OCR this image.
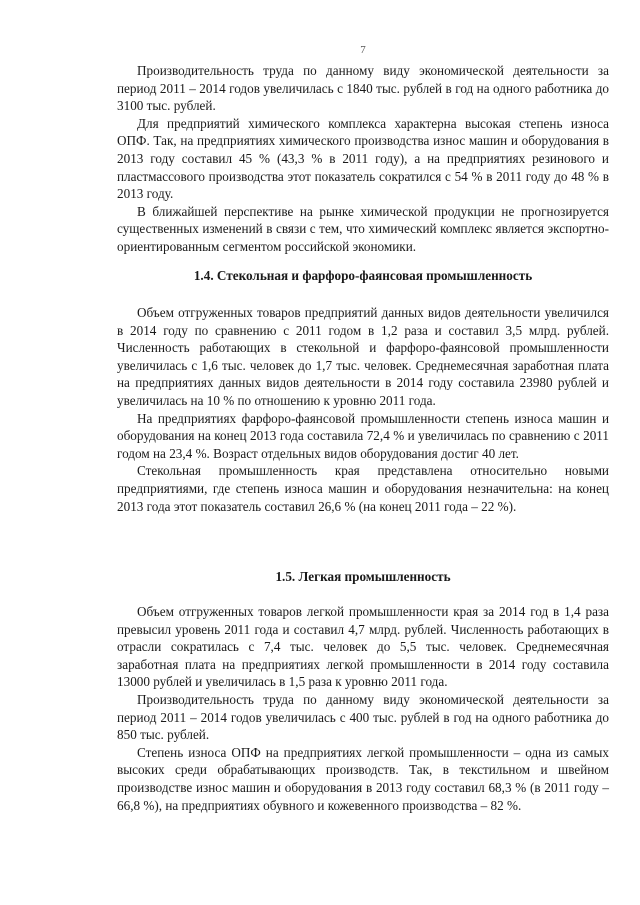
7

Производительность труда по данному виду экономической деятельности за период 2011 – 2014 годов увеличилась с 1840 тыс. рублей в год на одного работника до 3100 тыс. рублей.

Для предприятий химического комплекса характерна высокая степень износа ОПФ. Так, на предприятиях химического производства износ машин и оборудования в 2013 году составил 45 % (43,3 % в 2011 году), а на предприятиях резинового и пластмассового производства этот показатель сократился с 54 % в 2011 году до 48 % в 2013 году.

В ближайшей перспективе на рынке химической продукции не прогнозируется существенных изменений в связи с тем, что химический комплекс является экспортно-ориентированным сегментом российской экономики.

1.4. Стекольная и фарфоро-фаянсовая промышленность

Объем отгруженных товаров предприятий данных видов деятельности увеличился в 2014 году по сравнению с 2011 годом в 1,2 раза и составил 3,5 млрд. рублей. Численность работающих в стекольной и фарфоро-фаянсовой промышленности увеличилась с 1,6 тыс. человек до 1,7 тыс. человек. Среднемесячная заработная плата на предприятиях данных видов деятельности в 2014 году составила 23980 рублей и увеличилась на 10 % по отношению к уровню 2011 года.

На предприятиях фарфоро-фаянсовой промышленности степень износа машин и оборудования на конец 2013 года составила 72,4 % и увеличилась по сравнению с 2011 годом на 23,4 %. Возраст отдельных видов оборудования достиг 40 лет.

Стекольная промышленность края представлена относительно новыми предприятиями, где степень износа машин и оборудования незначительна: на конец 2013 года этот показатель составил 26,6 % (на конец 2011 года – 22 %).

1.5. Легкая промышленность

Объем отгруженных товаров легкой промышленности края за 2014 год в 1,4 раза превысил уровень 2011 года и составил 4,7 млрд. рублей. Численность работающих в отрасли сократилась с 7,4 тыс. человек до 5,5 тыс. человек. Среднемесячная заработная плата на предприятиях легкой промышленности в 2014 году составила 13000 рублей и увеличилась в 1,5 раза к уровню 2011 года.

Производительность труда по данному виду экономической деятельности за период 2011 – 2014 годов увеличилась с 400 тыс. рублей в год на одного работника до 850 тыс. рублей.

Степень износа ОПФ на предприятиях легкой промышленности – одна из самых высоких среди обрабатывающих производств. Так, в текстильном и швейном производстве износ машин и оборудования в 2013 году составил 68,3 % (в 2011 году – 66,8 %), на предприятиях обувного и кожевенного производства – 82 %.
